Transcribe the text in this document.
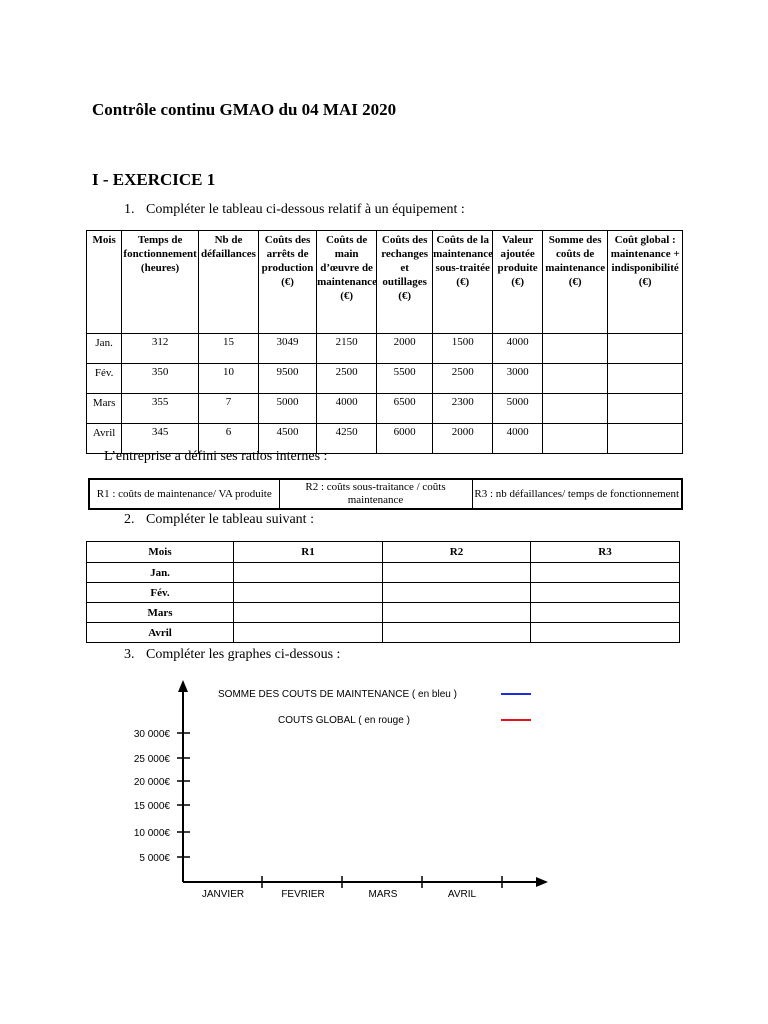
Contrôle continu GMAO du 04 MAI 2020
I - EXERCICE 1
1. Compléter le tableau ci-dessous relatif à un équipement :
Mois	Temps de fonctionnement (heures)	Nb de défaillances	Coûts des arrêts de production (€)	Coûts de main d’œuvre de maintenance (€)	Coûts des rechanges et outillages (€)	Coûts de la maintenance sous-traitée (€)	Valeur ajoutée produite (€)	Somme des coûts de maintenance (€)	Coût global : maintenance + indisponibilité (€)
Jan.	312	15	3049	2150	2000	1500	4000		
Fév.	350	10	9500	2500	5500	2500	3000		
Mars	355	7	5000	4000	6500	2300	5000		
Avril	345	6	4500	4250	6000	2000	4000		
L’entreprise a défini ses ratios internes :
R1 : coûts de maintenance/ VA produite	R2 : coûts sous-traitance / coûts maintenance	R3 : nb défaillances/ temps de fonctionnement
2. Compléter le tableau suivant :
Mois	R1	R2	R3
Jan.			
Fév.			
Mars			
Avril			
3. Compléter les graphes ci-dessous :
SOMME DES COUTS DE MAINTENANCE ( en bleu )
COUTS GLOBAL ( en rouge )
30 000€
25 000€
20 000€
15 000€
10 000€
5 000€
JANVIER	FEVRIER	MARS	AVRIL
